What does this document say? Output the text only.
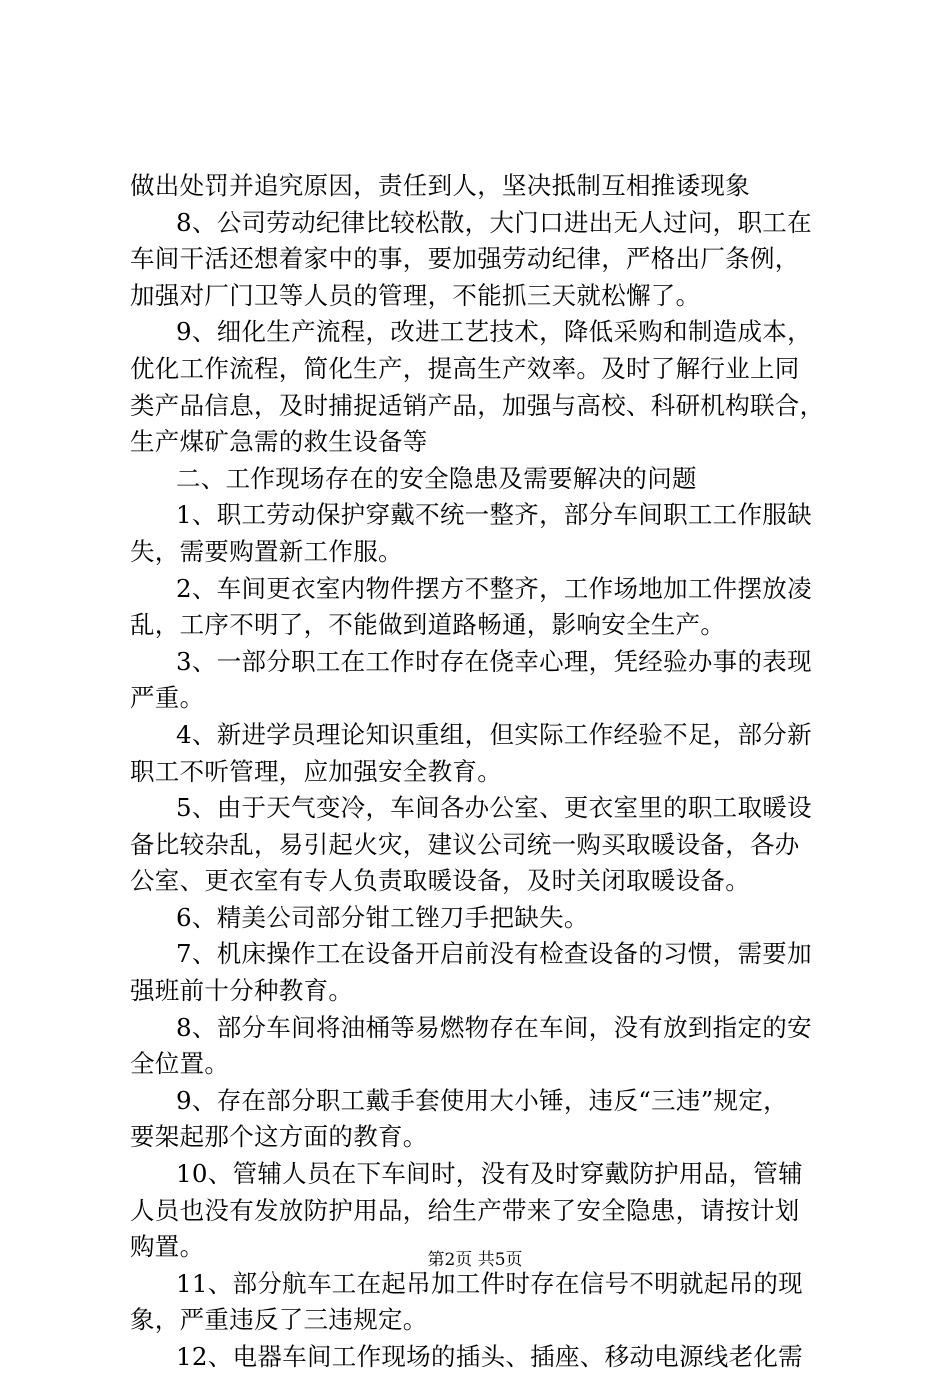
做出处罚并追究原因，责任到人，坚决抵制互相推诿现象
8、公司劳动纪律比较松散，大门口进出无人过问，职工在
车间干活还想着家中的事，要加强劳动纪律，严格出厂条例，
加强对厂门卫等人员的管理，不能抓三天就松懈了。
9、细化生产流程，改进工艺技术，降低采购和制造成本，
优化工作流程，简化生产，提高生产效率。及时了解行业上同
类产品信息，及时捕捉适销产品，加强与高校、科研机构联合，
生产煤矿急需的救生设备等
二、工作现场存在的安全隐患及需要解决的问题
1、职工劳动保护穿戴不统一整齐，部分车间职工工作服缺
失，需要购置新工作服。
2、车间更衣室内物件摆方不整齐，工作场地加工件摆放凌
乱，工序不明了，不能做到道路畅通，影响安全生产。
3、一部分职工在工作时存在侥幸心理，凭经验办事的表现
严重。
4、新进学员理论知识重组，但实际工作经验不足，部分新
职工不听管理，应加强安全教育。
5、由于天气变冷，车间各办公室、更衣室里的职工取暖设
备比较杂乱，易引起火灾，建议公司统一购买取暖设备，各办
公室、更衣室有专人负责取暖设备，及时关闭取暖设备。
6、精美公司部分钳工锉刀手把缺失。
7、机床操作工在设备开启前没有检查设备的习惯，需要加
强班前十分种教育。
8、部分车间将油桶等易燃物存在车间，没有放到指定的安
全位置。
9、存在部分职工戴手套使用大小锤，违反“三违”规定，
要架起那个这方面的教育。
10、管辅人员在下车间时，没有及时穿戴防护用品，管辅
人员也没有发放防护用品，给生产带来了安全隐患，请按计划
购置。
11、部分航车工在起吊加工件时存在信号不明就起吊的现
象，严重违反了三违规定。
12、电器车间工作现场的插头、插座、移动电源线老化需
第2页 共5页
